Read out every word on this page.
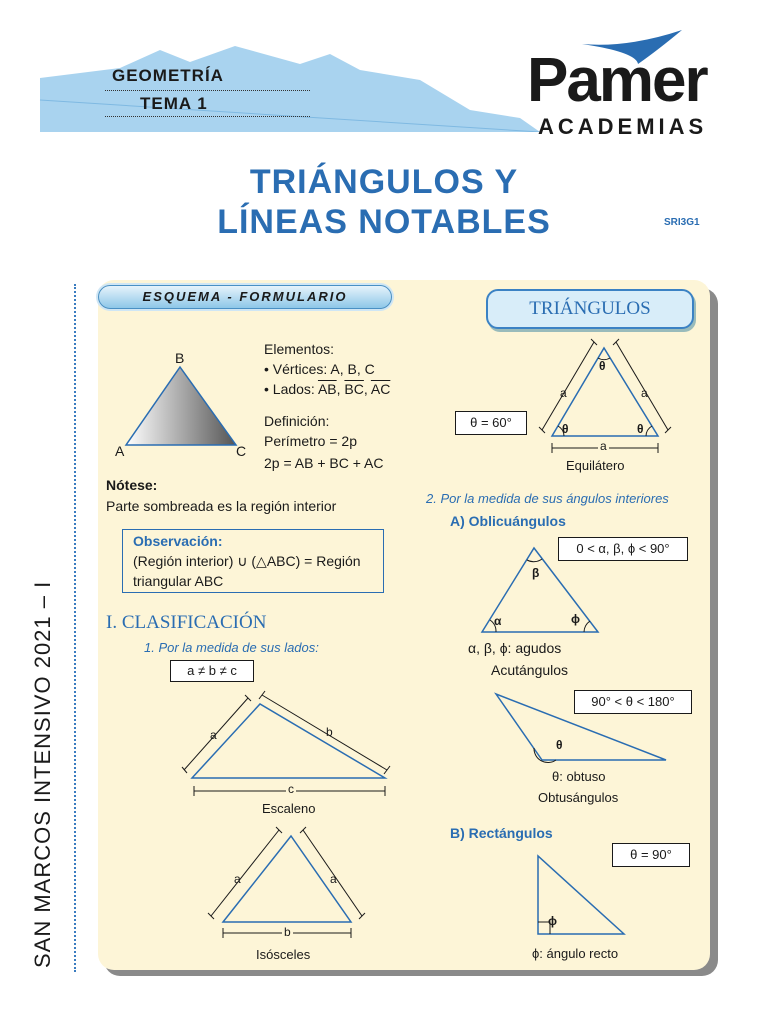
GEOMETRÍA
TEMA 1	Pamer
ACADEMIAS
TRIÁNGULOS Y
LÍNEAS NOTABLES	SRI3G1
SAN MARCOS INTENSIVO 2021 – I
ESQUEMA - FORMULARIO
TRIÁNGULOS
B
A	C
Elementos:
• Vértices: A, B, C
• Lados: $\overline{AB}$, $\overline{BC}$, $\overline{AC}$
Definición:
Perímetro = 2p
2p = AB + BC + AC
Nótese:
Parte sombreada es la región interior
Observación:
(Región interior) ∪ (△ABC) = Región
triangular ABC
I. CLASIFICACIÓN
1. Por la medida de sus lados:
a ≠ b ≠ c
a	b
c
Escaleno
a	a
b
Isósceles
θ
θ	θ
a	a
a
Equilátero
θ = 60°
2. Por la medida de sus ángulos interiores
A) Oblicuángulos
β
α	ϕ
0 < α, β, ϕ < 90°
α, β, ϕ: agudos
Acutángulos
θ
90° < θ < 180°
θ: obtuso
Obtusángulos
B) Rectángulos
θ = 90°
ϕ
ϕ: ángulo recto
